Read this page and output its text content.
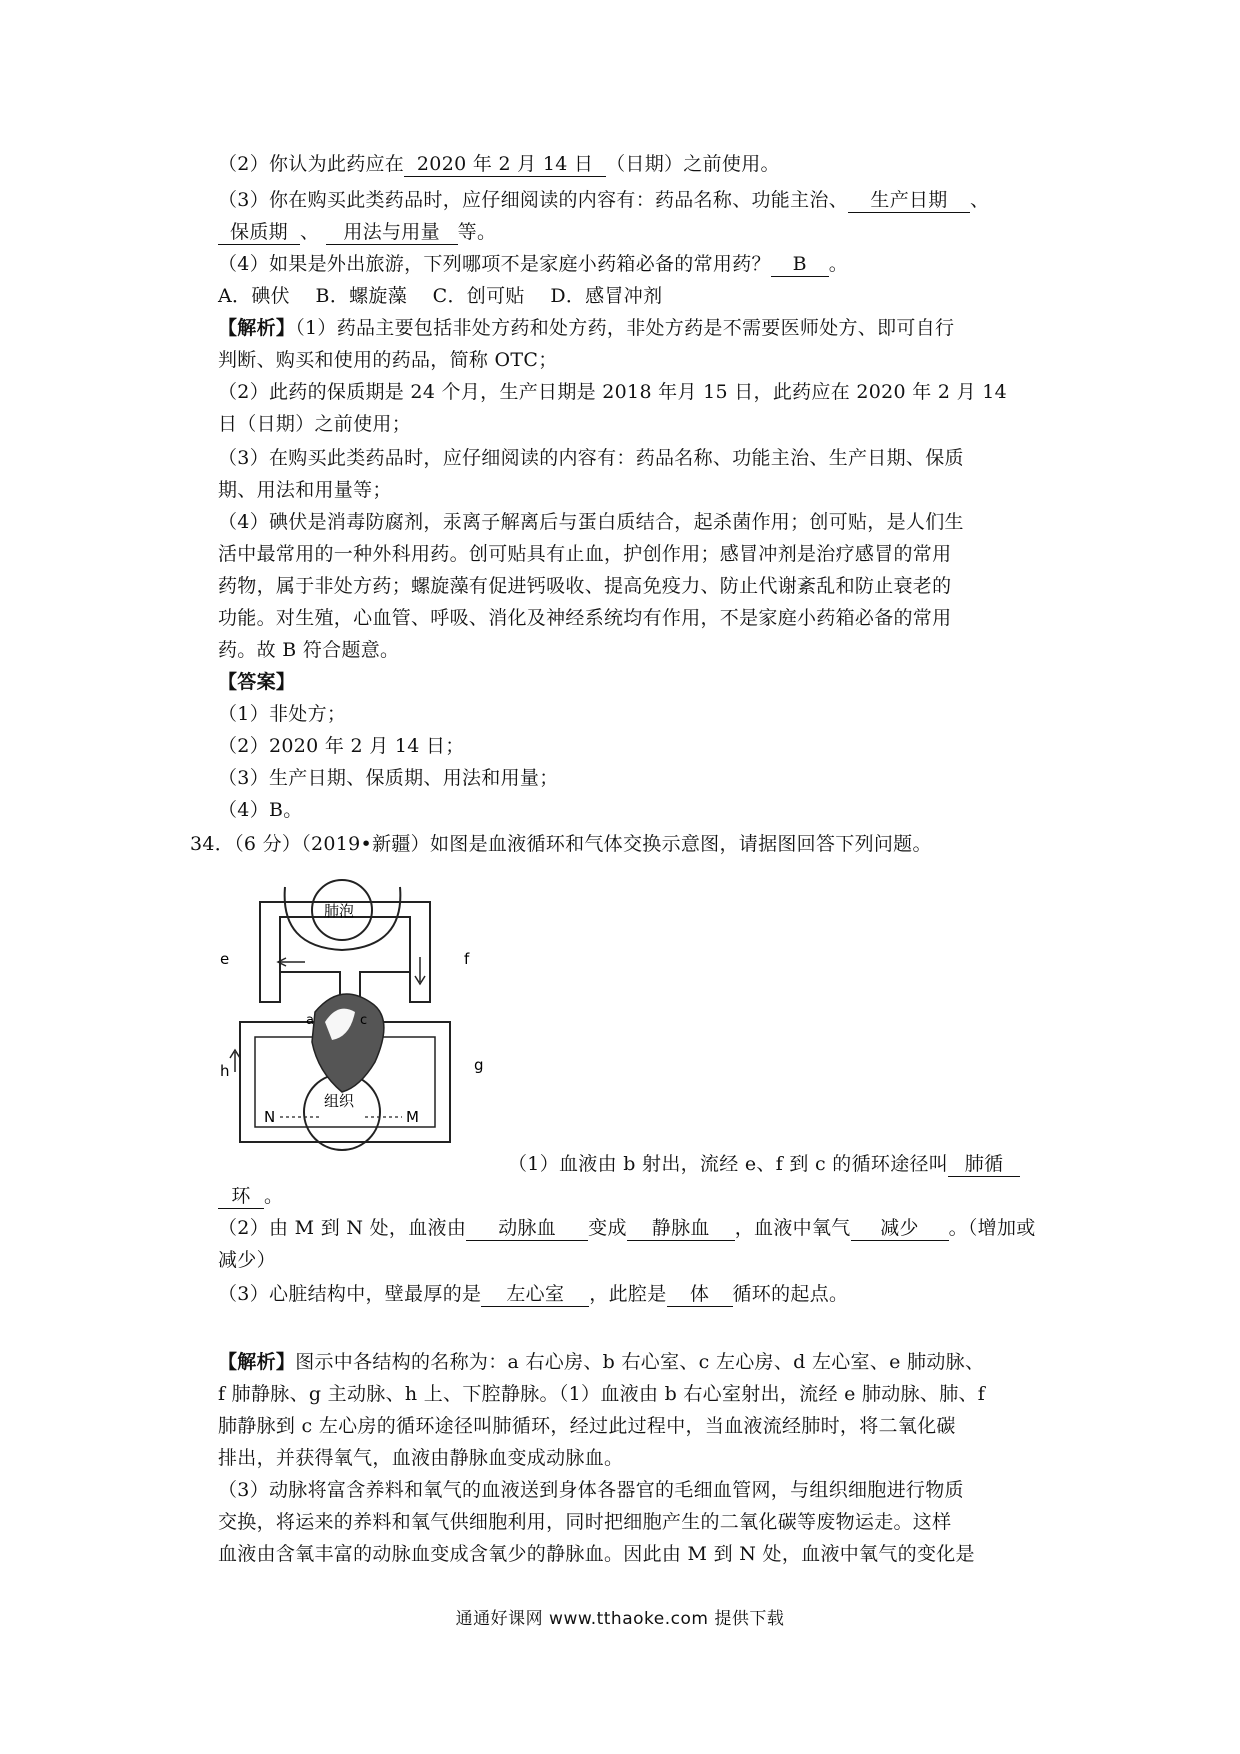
（2）你认为此药应在 2020 年 2 月 14 日 （日期）之前使用。
（3）你在购买此类药品时，应仔细阅读的内容有：药品名称、功能主治、 生产日期 、
保质期 、 用法与用量 等。
（4）如果是外出旅游，下列哪项不是家庭小药箱必备的常用药？ B 。
A．碘伏　 B．螺旋藻　 C．创可贴　 D．感冒冲剂
【解析】（1）药品主要包括非处方药和处方药，非处方药是不需要医师处方、即可自行
判断、购买和使用的药品，简称 OTC；
（2）此药的保质期是 24 个月，生产日期是 2018 年月 15 日，此药应在 2020 年 2 月 14
日（日期）之前使用；
（3）在购买此类药品时，应仔细阅读的内容有：药品名称、功能主治、生产日期、保质
期、用法和用量等；
（4）碘伏是消毒防腐剂，汞离子解离后与蛋白质结合，起杀菌作用；创可贴，是人们生
活中最常用的一种外科用药。创可贴具有止血，护创作用；感冒冲剂是治疗感冒的常用
药物，属于非处方药；螺旋藻有促进钙吸收、提高免疫力、防止代谢紊乱和防止衰老的
功能。对生殖，心血管、呼吸、消化及神经系统均有作用，不是家庭小药箱必备的常用
药。故 B 符合题意。
【答案】
（1）非处方；
（2）2020 年 2 月 14 日；
（3）生产日期、保质期、用法和用量；
（4）B。
34．（6 分）（2019•新疆）如图是血液循环和气体交换示意图，请据图回答下列问题。
肺泡
组织
e	f
g
h
a	c
N	M
（1）血液由 b 射出，流经 e、f 到 c 的循环途径叫 肺循
环 。
（2）由 M 到 N 处，血液由 动脉血 变成 静脉血 ，血液中氧气 减少 。（增加或
减少）
（3）心脏结构中，壁最厚的是 左心室 ，此腔是 体 循环的起点。
【解析】图示中各结构的名称为：a 右心房、b 右心室、c 左心房、d 左心室、e 肺动脉、
f 肺静脉、g 主动脉、h 上、下腔静脉。（1）血液由 b 右心室射出，流经 e 肺动脉、肺、f
肺静脉到 c 左心房的循环途径叫肺循环，经过此过程中，当血液流经肺时，将二氧化碳
排出，并获得氧气，血液由静脉血变成动脉血。
（3）动脉将富含养料和氧气的血液送到身体各器官的毛细血管网，与组织细胞进行物质
交换，将运来的养料和氧气供细胞利用，同时把细胞产生的二氧化碳等废物运走。这样
血液由含氧丰富的动脉血变成含氧少的静脉血。因此由 M 到 N 处，血液中氧气的变化是
通通好课网 www.tthaoke.com 提供下载
